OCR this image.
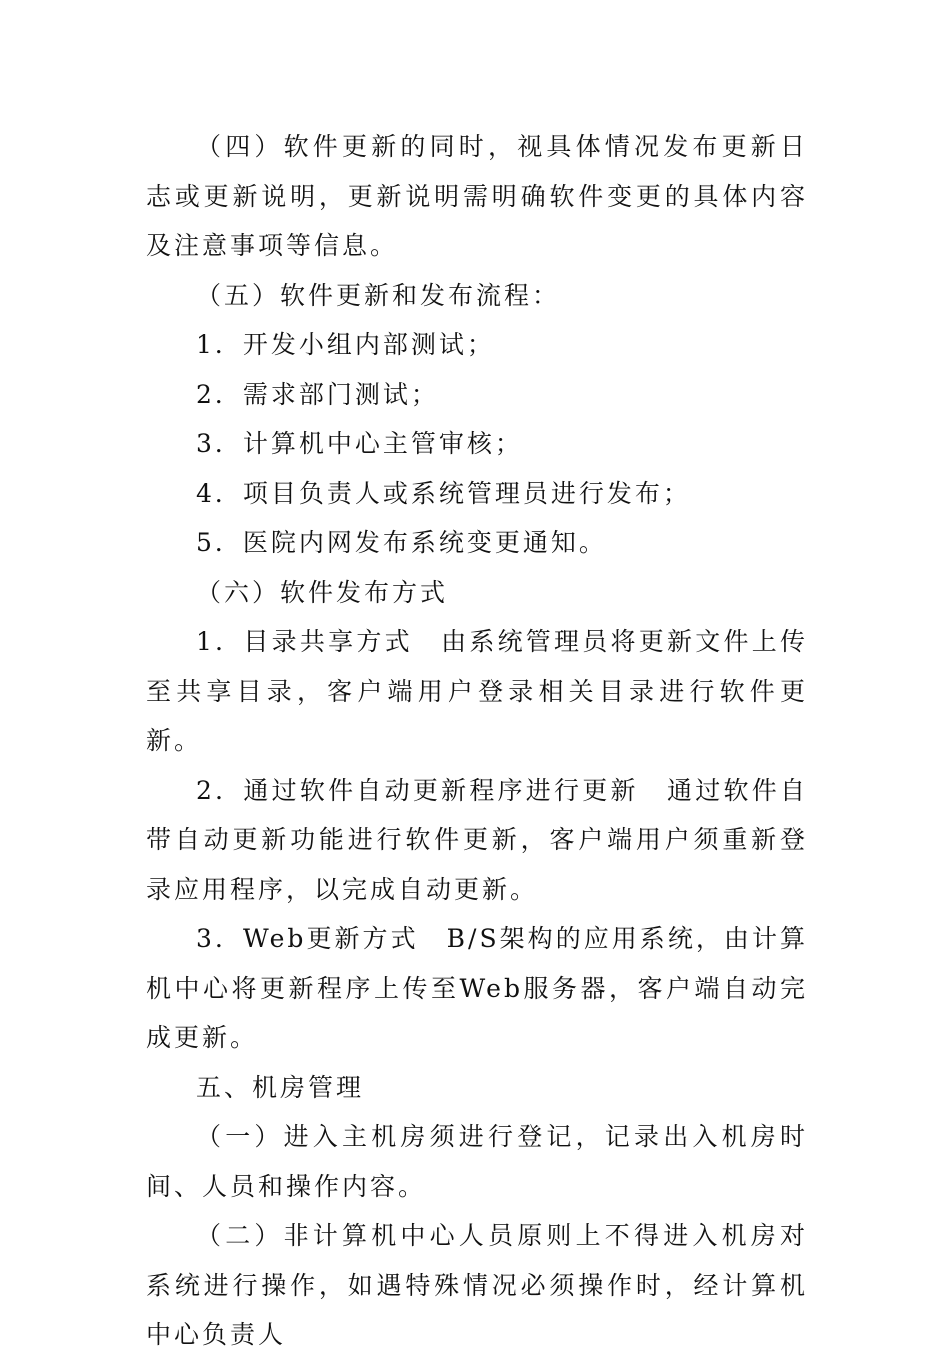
（四）软件更新的同时，视具体情况发布更新日志或更新说明，更新说明需明确软件变更的具体内容及注意事项等信息。

（五）软件更新和发布流程：

1．开发小组内部测试；

2．需求部门测试；

3．计算机中心主管审核；

4．项目负责人或系统管理员进行发布；

5．医院内网发布系统变更通知。

（六）软件发布方式

1．目录共享方式　由系统管理员将更新文件上传至共享目录，客户端用户登录相关目录进行软件更新。

2．通过软件自动更新程序进行更新　通过软件自带自动更新功能进行软件更新，客户端用户须重新登录应用程序，以完成自动更新。

3．Web更新方式　B/S架构的应用系统，由计算机中心将更新程序上传至Web服务器，客户端自动完成更新。

五、机房管理

（一）进入主机房须进行登记，记录出入机房时间、人员和操作内容。

（二）非计算机中心人员原则上不得进入机房对系统进行操作，如遇特殊情况必须操作时，经计算机中心负责人
